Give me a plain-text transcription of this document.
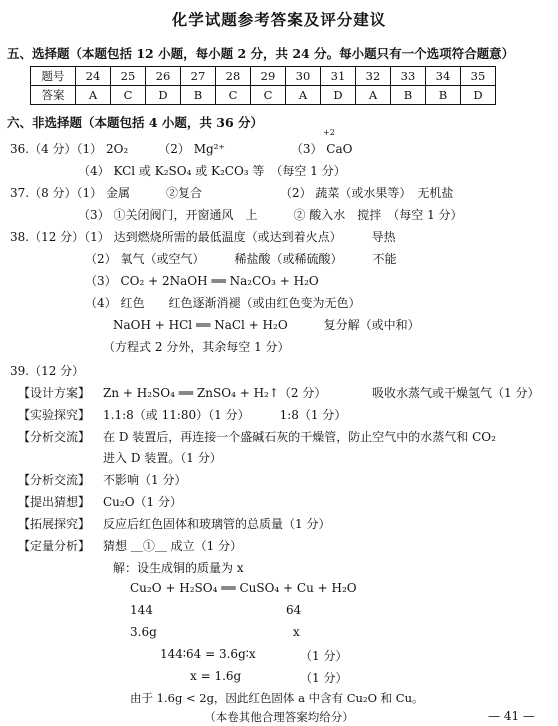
化学试题参考答案及评分建议
五、选择题（本题包括 12 小题，每小题 2 分，共 24 分。每小题只有一个选项符合题意）
题号	24	25	26	27	28	29	30	31	32	33	34	35
答案	A	C	D	B	C	C	A	D	A	B	B	D
六、非选择题（本题包括 4 小题，共 36 分）
36.（4 分）（1） 2O₂　　　（2） Mg²⁺　　　　　　（3） CaO
+2
（4） KCl 或 K₂SO₄ 或 K₂CO₃ 等　（每空 1 分）
37.（8 分）（1） 金属　　　②复合　　　　　　　（2） 蔬菜（或水果等）　无机盐
（3） ①关闭阀门，开窗通风　上　　　② 酸入水　搅拌　（每空 1 分）
38.（12 分）（1） 达到燃烧所需的最低温度（或达到着火点）　　　导热
（2） 氧气（或空气）　　　稀盐酸（或稀硫酸）　　　不能
（3） CO₂ + 2NaOH ══ Na₂CO₃ + H₂O
（4） 红色　　红色逐渐消褪（或由红色变为无色）
NaOH + HCl ══ NaCl + H₂O　　　复分解（或中和）
（方程式 2 分外，其余每空 1 分）
39.（12 分）
【设计方案】 Zn + H₂SO₄ ══ ZnSO₄ + H₂↑（2 分）	吸收水蒸气或干燥氢气（1 分）
【实验探究】 1.1:8（或 11:80）（1 分）　　　1:8（1 分）
【分析交流】 在 D 装置后，再连接一个盛碱石灰的干燥管，防止空气中的水蒸气和 CO₂
进入 D 装置。（1 分）
【分析交流】 不影响（1 分）
【提出猜想】 Cu₂O（1 分）
【拓展探究】 反应后红色固体和玻璃管的总质量（1 分）
【定量分析】 猜想 ＿①＿ 成立（1 分）
解：设生成铜的质量为 x
Cu₂O + H₂SO₄ ══ CuSO₄ + Cu + H₂O
144	64
3.6g	x
144∶64 = 3.6g∶x	（1 分）
x = 1.6g	（1 分）
由于 1.6g < 2g，因此红色固体 a 中含有 Cu₂O 和 Cu。
（本卷其他合理答案均给分）	— 41 —
